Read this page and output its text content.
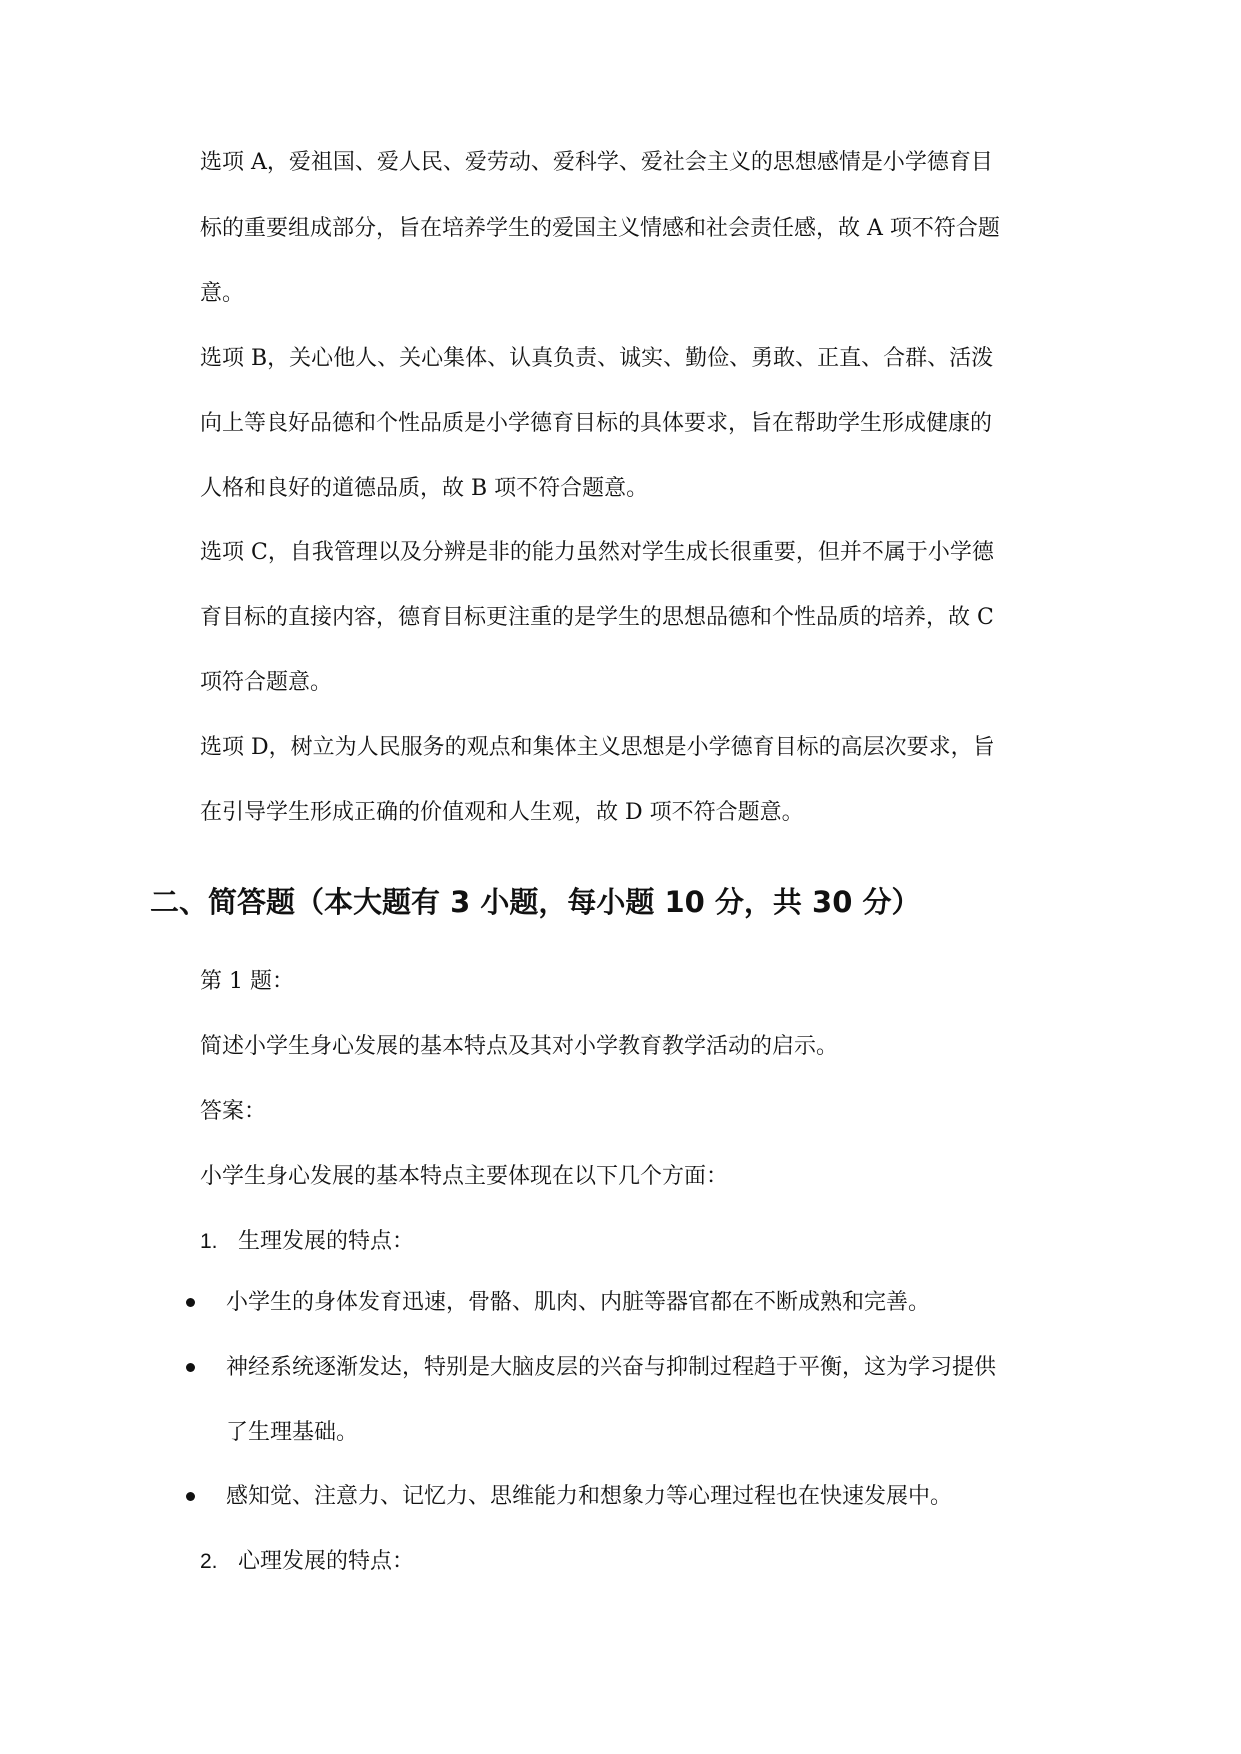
选项 A，爱祖国、爱人民、爱劳动、爱科学、爱社会主义的思想感情是小学德育目
标的重要组成部分，旨在培养学生的爱国主义情感和社会责任感，故 A 项不符合题
意。
选项 B，关心他人、关心集体、认真负责、诚实、勤俭、勇敢、正直、合群、活泼
向上等良好品德和个性品质是小学德育目标的具体要求，旨在帮助学生形成健康的
人格和良好的道德品质，故 B 项不符合题意。
选项 C，自我管理以及分辨是非的能力虽然对学生成长很重要，但并不属于小学德
育目标的直接内容，德育目标更注重的是学生的思想品德和个性品质的培养，故 C
项符合题意。
选项 D，树立为人民服务的观点和集体主义思想是小学德育目标的高层次要求，旨
在引导学生形成正确的价值观和人生观，故 D 项不符合题意。
二、简答题（本大题有 3 小题，每小题 10 分，共 30 分）
第 1 题：
简述小学生身心发展的基本特点及其对小学教育教学活动的启示。
答案：
小学生身心发展的基本特点主要体现在以下几个方面：
1. 生理发展的特点：
小学生的身体发育迅速，骨骼、肌肉、内脏等器官都在不断成熟和完善。
神经系统逐渐发达，特别是大脑皮层的兴奋与抑制过程趋于平衡，这为学习提供
了生理基础。
感知觉、注意力、记忆力、思维能力和想象力等心理过程也在快速发展中。
2. 心理发展的特点：
